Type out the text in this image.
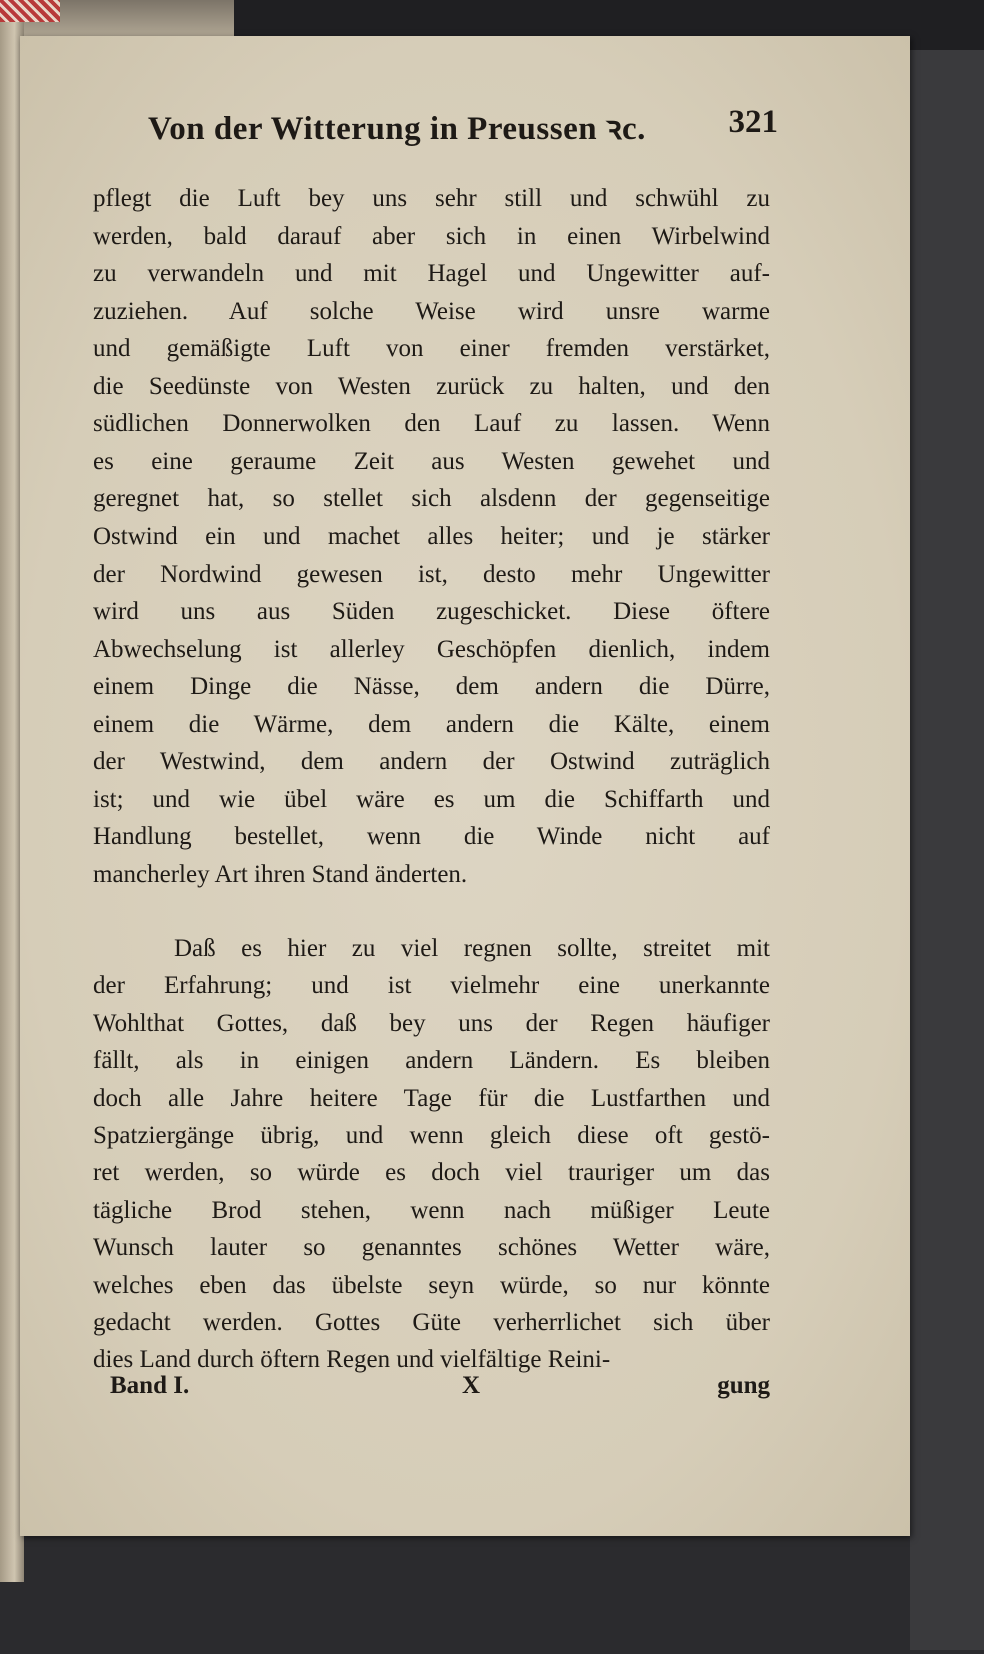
Von der Witterung in Preussen ꝛc.	321
pflegt die Luft bey uns sehr still und schwühl zu
werden, bald darauf aber sich in einen Wirbelwind
zu verwandeln und mit Hagel und Ungewitter auf-
zuziehen. Auf solche Weise wird unsre warme
und gemäßigte Luft von einer fremden verstärket,
die Seedünste von Westen zurück zu halten, und den
südlichen Donnerwolken den Lauf zu lassen. Wenn
es eine geraume Zeit aus Westen gewehet und
geregnet hat, so stellet sich alsdenn der gegenseitige
Ostwind ein und machet alles heiter; und je stärker
der Nordwind gewesen ist, desto mehr Ungewitter
wird uns aus Süden zugeschicket. Diese öftere
Abwechselung ist allerley Geschöpfen dienlich, indem
einem Dinge die Nässe, dem andern die Dürre,
einem die Wärme, dem andern die Kälte, einem
der Westwind, dem andern der Ostwind zuträglich
ist; und wie übel wäre es um die Schiffarth und
Handlung bestellet, wenn die Winde nicht auf
mancherley Art ihren Stand änderten.
Daß es hier zu viel regnen sollte, streitet mit
der Erfahrung; und ist vielmehr eine unerkannte
Wohlthat Gottes, daß bey uns der Regen häufiger
fällt, als in einigen andern Ländern. Es bleiben
doch alle Jahre heitere Tage für die Lustfarthen und
Spatziergänge übrig, und wenn gleich diese oft gestö-
ret werden, so würde es doch viel trauriger um das
tägliche Brod stehen, wenn nach müßiger Leute
Wunsch lauter so genanntes schönes Wetter wäre,
welches eben das übelste seyn würde, so nur könnte
gedacht werden. Gottes Güte verherrlichet sich über
dies Land durch öftern Regen und vielfältige Reini-
Band I.	X	gung
